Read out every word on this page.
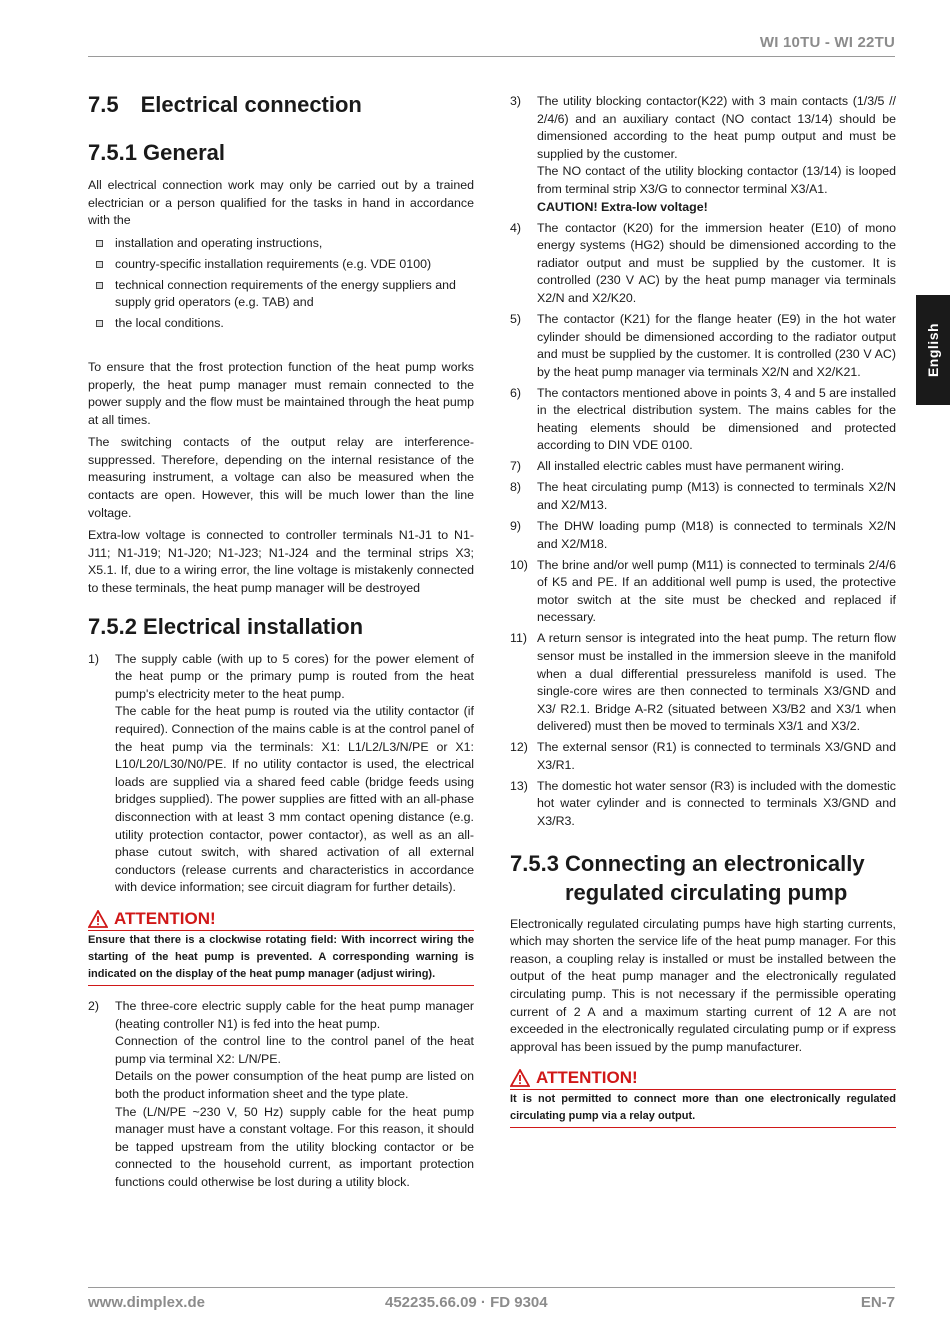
WI 10TU - WI 22TU
English
7.5 Electrical connection
7.5.1 General

All electrical connection work may only be carried out by a trained electrician or a person qualified for the tasks in hand in accordance with the

installation and operating instructions,
country-specific installation requirements (e.g. VDE 0100)
technical connection requirements of the energy suppliers and supply grid operators (e.g. TAB) and
the local conditions.

To ensure that the frost protection function of the heat pump works properly, the heat pump manager must remain connected to the power supply and the flow must be maintained through the heat pump at all times.

The switching contacts of the output relay are interference-suppressed. Therefore, depending on the internal resistance of the measuring instrument, a voltage can also be measured when the contacts are open. However, this will be much lower than the line voltage.

Extra-low voltage is connected to controller terminals N1-J1 to N1-J11; N1-J19; N1-J20; N1-J23; N1-J24 and the terminal strips X3; X5.1. If, due to a wiring error, the line voltage is mistakenly connected to these terminals, the heat pump manager will be destroyed

7.5.2 Electrical installation
1) The supply cable (with up to 5 cores) for the power element of the heat pump or the primary pump is routed from the heat pump's electricity meter to the heat pump.

The cable for the heat pump is routed via the utility contactor (if required). Connection of the mains cable is at the control panel of the heat pump via the terminals: X1: L1/L2/L3/N/PE or X1: L10/L20/L30/N0/PE. If no utility contactor is used, the electrical loads are supplied via a shared feed cable (bridge feeds using bridges supplied). The power supplies are fitted with an all-phase disconnection with at least 3 mm contact opening distance (e.g. utility protection contactor, power contactor), as well as an all-phase cutout switch, with shared activation of all external conductors (release currents and characteristics in accordance with device information; see circuit diagram for further details).

ATTENTION!
Ensure that there is a clockwise rotating field: With incorrect wiring the starting of the heat pump is prevented. A corresponding warning is indicated on the display of the heat pump manager (adjust wiring).
2) The three-core electric supply cable for the heat pump manager (heating controller N1) is fed into the heat pump.

Connection of the control line to the control panel of the heat pump via terminal X2: L/N/PE.

Details on the power consumption of the heat pump are listed on both the product information sheet and the type plate.

The (L/N/PE ~230 V, 50 Hz) supply cable for the heat pump manager must have a constant voltage. For this reason, it should be tapped upstream from the utility blocking contactor or be connected to the household current, as important protection functions could otherwise be lost during a utility block.

3) The utility blocking contactor(K22) with 3 main contacts (1/3/5 // 2/4/6) and an auxiliary contact (NO contact 13/14) should be dimensioned according to the heat pump output and must be supplied by the customer.

The NO contact of the utility blocking contactor (13/14) is looped from terminal strip X3/G to connector terminal X3/A1.

CAUTION! Extra-low voltage!

4) The contactor (K20) for the immersion heater (E10) of mono energy systems (HG2) should be dimensioned according to the radiator output and must be supplied by the customer. It is controlled (230 V AC) by the heat pump manager via terminals X2/N and X2/K20.

5) The contactor (K21) for the flange heater (E9) in the hot water cylinder should be dimensioned according to the radiator output and must be supplied by the customer. It is controlled (230 V AC) by the heat pump manager via terminals X2/N and X2/K21.

6) The contactors mentioned above in points 3, 4 and 5 are installed in the electrical distribution system. The mains cables for the heating elements should be dimensioned and protected according to DIN VDE 0100.

7) All installed electric cables must have permanent wiring.

8) The heat circulating pump (M13) is connected to terminals X2/N and X2/M13.

9) The DHW loading pump (M18) is connected to terminals X2/N and X2/M18.

10) The brine and/or well pump (M11) is connected to terminals 2/4/6 of K5 and PE. If an additional well pump is used, the protective motor switch at the site must be checked and replaced if necessary.

11) A return sensor is integrated into the heat pump. The return flow sensor must be installed in the immersion sleeve in the manifold when a dual differential pressureless manifold is used. The single-core wires are then connected to terminals X3/GND and X3/ R2.1. Bridge A-R2 (situated between X3/B2 and X3/1 when delivered) must then be moved to terminals X3/1 and X3/2.

12) The external sensor (R1) is connected to terminals X3/GND and X3/R1.

13) The domestic hot water sensor (R3) is included with the domestic hot water cylinder and is connected to terminals X3/GND and X3/R3.

7.5.3 Connecting an electronically regulated circulating pump

Electronically regulated circulating pumps have high starting currents, which may shorten the service life of the heat pump manager. For this reason, a coupling relay is installed or must be installed between the output of the heat pump manager and the electronically regulated circulating pump. This is not necessary if the permissible operating current of 2 A and a maximum starting current of 12 A are not exceeded in the electronically regulated circulating pump or if express approval has been issued by the pump manufacturer.

ATTENTION!
It is not permitted to connect more than one electronically regulated circulating pump via a relay output.
www.dimplex.de	452235.66.09 · FD 9304	EN-7
